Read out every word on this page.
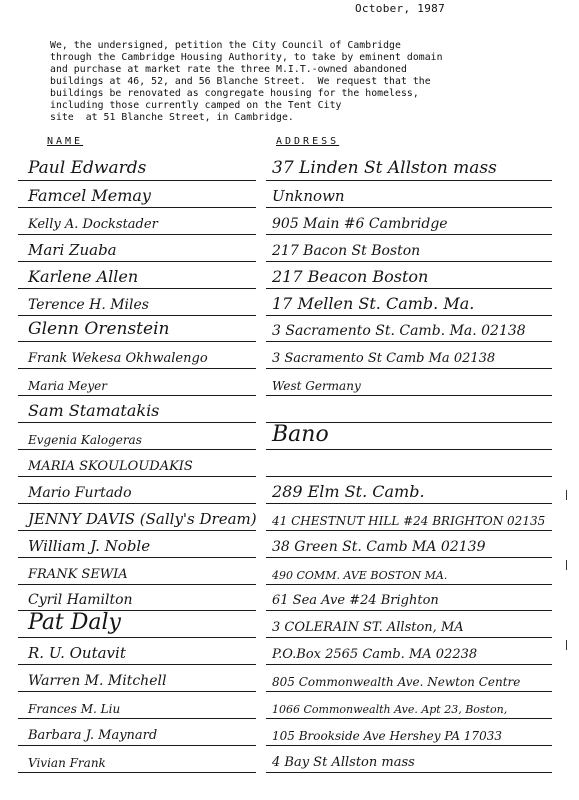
October, 1987
We, the undersigned, petition the City Council of Cambridge
through the Cambridge Housing Authority, to take by eminent domain
and purchase at market rate the three M.I.T.-owned abandoned
buildings at 46, 52, and 56 Blanche Street.  We request that the
buildings be renovated as congregate housing for the homeless,
including those currently camped on the Tent City
site  at 51 Blanche Street, in Cambridge.
NAME	ADDRESS
Paul Edwards	37 Linden St Allston mass
Famcel Memay	Unknown
Kelly A. Dockstader	905 Main #6 Cambridge
Mari Zuaba	217 Bacon St Boston
Karlene Allen	217 Beacon Boston
Terence H. Miles	17 Mellen St. Camb. Ma.
Glenn Orenstein	3 Sacramento St. Camb. Ma. 02138
Frank Wekesa Okhwalengo	3 Sacramento St Camb Ma 02138
Maria Meyer	West Germany
Sam Stamatakis
Evgenia Kalogeras	Bano
MARIA SKOULOUDAKIS
Mario Furtado	289 Elm St. Camb.
JENNY DAVIS (Sally's Dream) 41 CHESTNUT HILL #24 BRIGHTON 02135
William J. Noble	38 Green St. Camb MA 02139
FRANK SEWIA	490 COMM. AVE BOSTON MA.
Cyril Hamilton	61 Sea Ave #24 Brighton
Pat Daly	3 COLERAIN ST. Allston, MA
R. U. Outavit	P.O.Box 2565 Camb. MA 02238
Warren M. Mitchell	805 Commonwealth Ave. Newton Centre
Frances M. Liu	1066 Commonwealth Ave. Apt 23, Boston,
Barbara J. Maynard	105 Brookside Ave Hershey PA 17033
Vivian Frank	4 Bay St Allston mass
